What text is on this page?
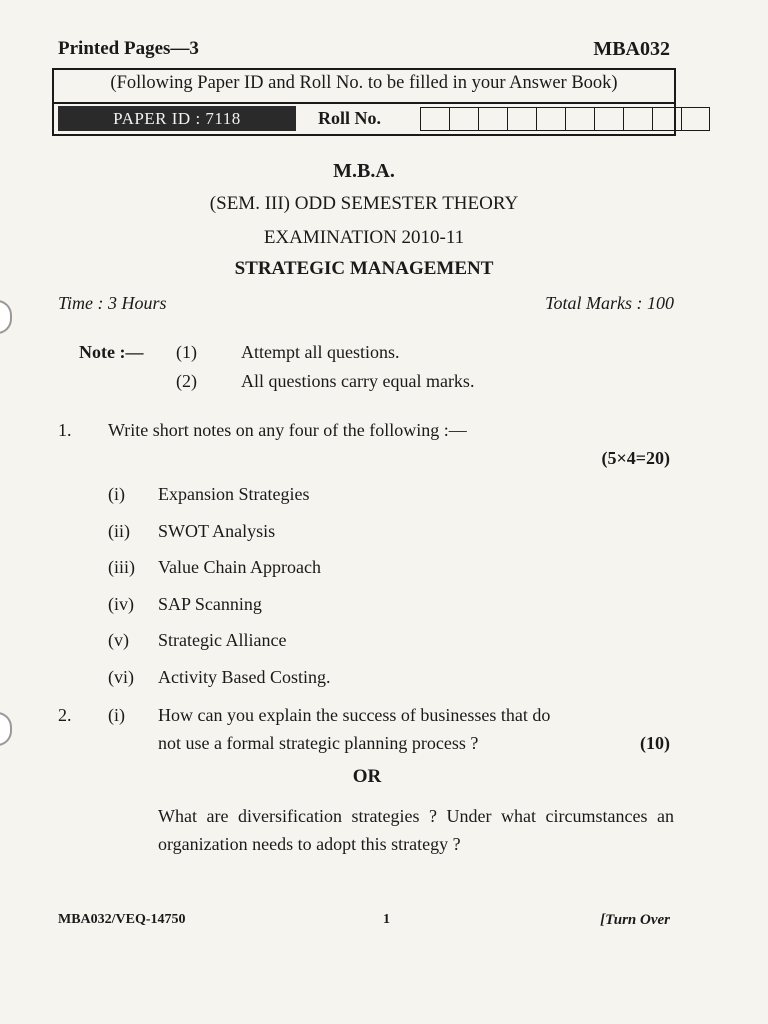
Printed Pages—3	MBA032
(Following Paper ID and Roll No. to be filled in your Answer Book)
PAPER ID : 7118	Roll No.
M.B.A.
(SEM. III) ODD SEMESTER THEORY
EXAMINATION 2010-11
STRATEGIC MANAGEMENT
Time : 3 Hours	Total Marks : 100
Note :— (1) Attempt all questions.
(2) All questions carry equal marks.
1. Write short notes on any four of the following :—
(5×4=20)
(i) Expansion Strategies
(ii) SWOT Analysis
(iii) Value Chain Approach
(iv) SAP Scanning
(v) Strategic Alliance
(vi) Activity Based Costing.
2. (i) How can you explain the success of businesses that do
not use a formal strategic planning process ?	(10)
OR
What are diversification strategies ? Under what circumstances an organization needs to adopt this strategy ?
MBA032/VEQ-14750	1	[Turn Over
